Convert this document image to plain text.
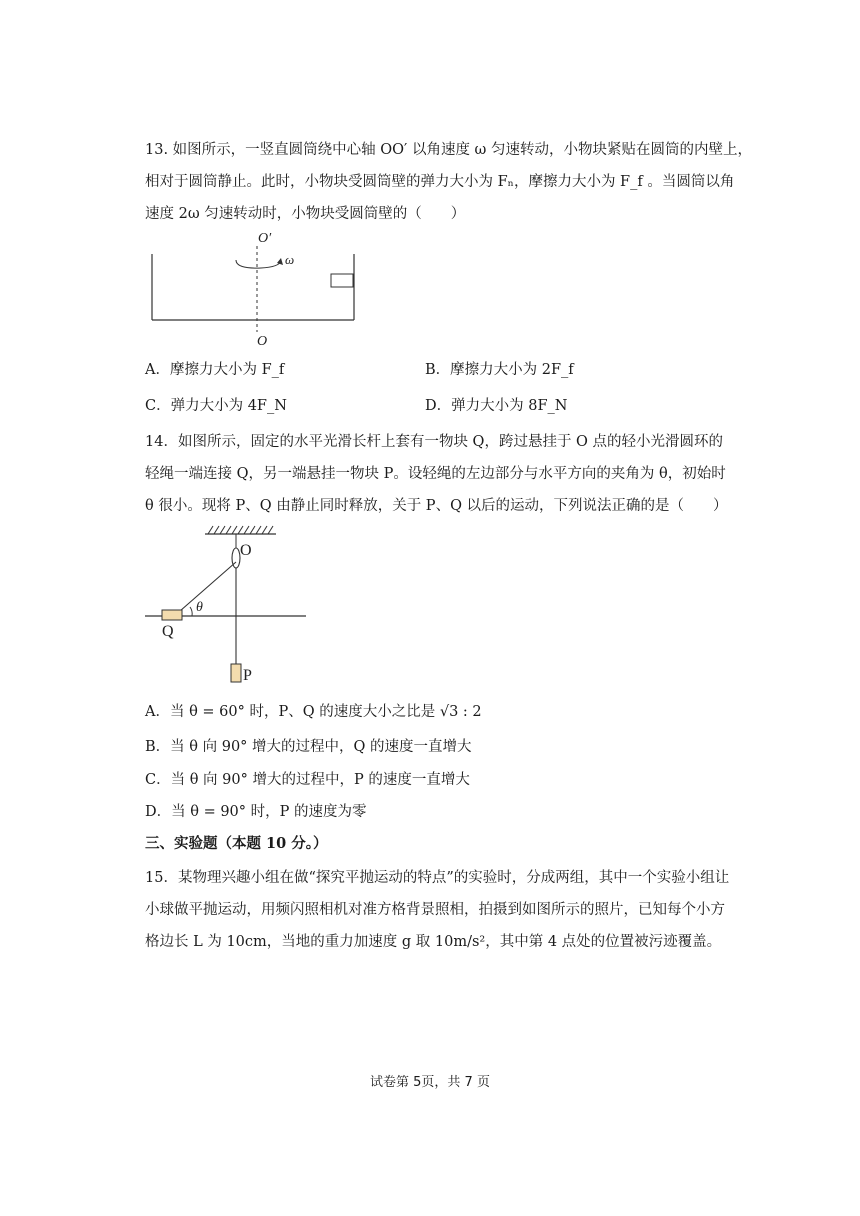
13. 如图所示，一竖直圆筒绕中心轴 OO′ 以角速度 ω 匀速转动，小物块紧贴在圆筒的内壁上，
相对于圆筒静止。此时，小物块受圆筒壁的弹力大小为 Fₙ，摩擦力大小为 F_f 。当圆筒以角
速度 2ω 匀速转动时，小物块受圆筒壁的（　　）
O′
ω
O
A．摩擦力大小为 F_f	B．摩擦力大小为 2F_f
C．弹力大小为 4F_N	D．弹力大小为 8F_N
14．如图所示，固定的水平光滑长杆上套有一物块 Q，跨过悬挂于 O 点的轻小光滑圆环的
轻绳一端连接 Q，另一端悬挂一物块 P。设轻绳的左边部分与水平方向的夹角为 θ，初始时
θ 很小。现将 P、Q 由静止同时释放，关于 P、Q 以后的运动，下列说法正确的是（　　）
O
θ
Q
P
A．当 θ = 60° 时，P、Q 的速度大小之比是 √3 : 2
B．当 θ 向 90° 增大的过程中，Q 的速度一直增大
C．当 θ 向 90° 增大的过程中，P 的速度一直增大
D．当 θ = 90° 时，P 的速度为零
三、实验题（本题 10 分。）
15．某物理兴趣小组在做“探究平抛运动的特点”的实验时，分成两组，其中一个实验小组让
小球做平抛运动，用频闪照相机对准方格背景照相，拍摄到如图所示的照片，已知每个小方
格边长 L 为 10cm，当地的重力加速度 g 取 10m/s²，其中第 4 点处的位置被污迹覆盖。
试卷第 5页，共 7 页
